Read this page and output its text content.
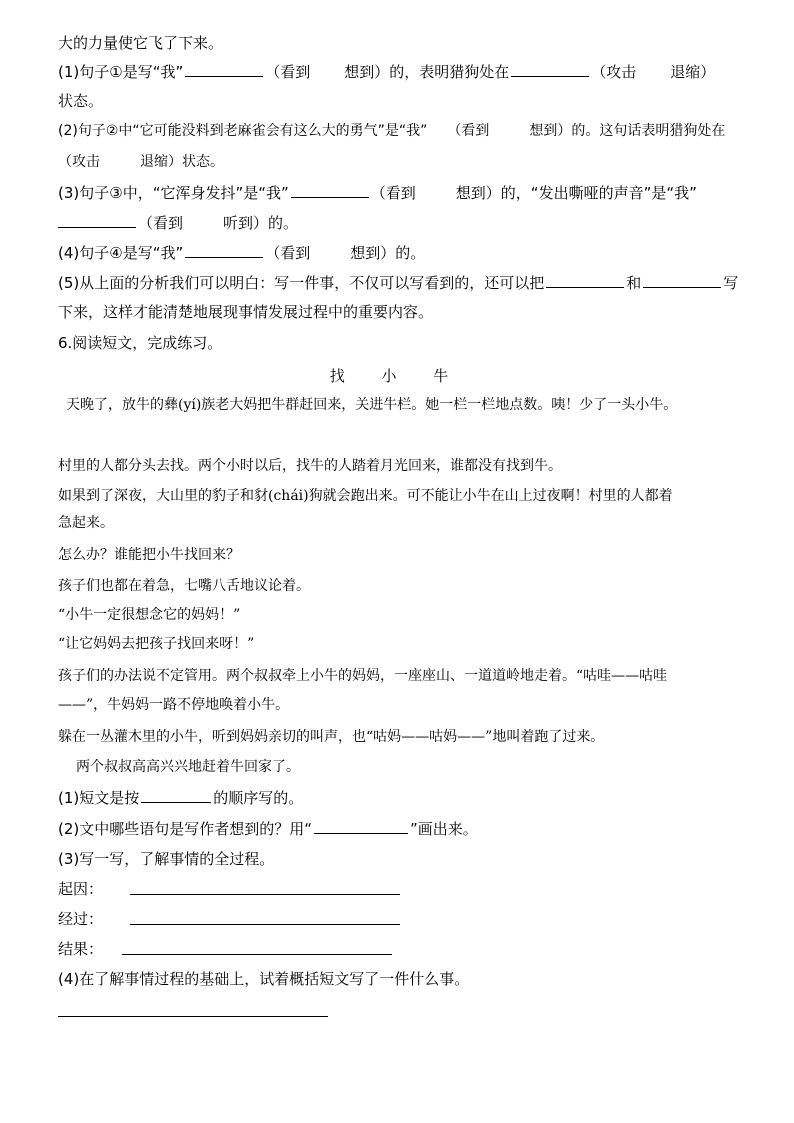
大的力量使它飞了下来。
(1)句子①是写“我”	（看到 想到）的，表明猎狗处在	（攻击 退缩）
状态。
(2)句子②中“它可能没料到老麻雀会有这么大的勇气”是“我” （看到	想到）的。这句话表明猎狗处在
（攻击	退缩）状态。
(3)句子③中，“它浑身发抖”是“我”	（看到	想到）的，“发出嘶哑的声音”是“我”
（看到	听到）的。
(4)句子④是写“我”	（看到	想到）的。
(5)从上面的分析我们可以明白：写一件事，不仅可以写看到的，还可以把	和	写
下来，这样才能清楚地展现事情发展过程中的重要内容。
6.阅读短文，完成练习。
找 小 牛
天晚了，放牛的彝(yí)族老大妈把牛群赶回来，关进牛栏。她一栏一栏地点数。咦！少了一头小牛。
村里的人都分头去找。两个小时以后，找牛的人踏着月光回来，谁都没有找到牛。
如果到了深夜，大山里的豹子和豺(chái)狗就会跑出来。可不能让小牛在山上过夜啊！村里的人都着
急起来。
怎么办？谁能把小牛找回来？
孩子们也都在着急，七嘴八舌地议论着。
“小牛一定很想念它的妈妈！”
“让它妈妈去把孩子找回来呀！”
孩子们的办法说不定管用。两个叔叔牵上小牛的妈妈，一座座山、一道道岭地走着。“咕哇——咕哇
——”，牛妈妈一路不停地唤着小牛。
躲在一丛灌木里的小牛，听到妈妈亲切的叫声，也“咕妈——咕妈——”地叫着跑了过来。
两个叔叔高高兴兴地赶着牛回家了。
(1)短文是按	的顺序写的。
(2)文中哪些语句是写作者想到的？用“	”画出来。
(3)写一写，了解事情的全过程。
起因：
经过：
结果：
(4)在了解事情过程的基础上，试着概括短文写了一件什么事。
